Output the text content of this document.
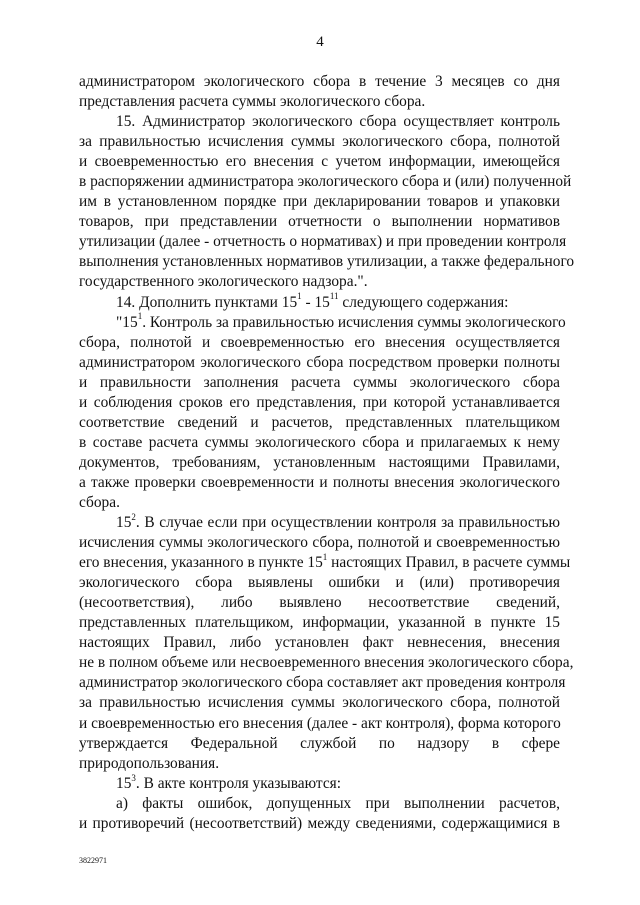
4
администратором экологического сбора в течение 3 месяцев со дня
представления расчета суммы экологического сбора.
15. Администратор экологического сбора осуществляет контроль
за правильностью исчисления суммы экологического сбора, полнотой
и своевременностью его внесения с учетом информации, имеющейся
в распоряжении администратора экологического сбора и (или) полученной
им в установленном порядке при декларировании товаров и упаковки
товаров, при представлении отчетности о выполнении нормативов
утилизации (далее - отчетность о нормативах) и при проведении контроля
выполнения установленных нормативов утилизации, а также федерального
государственного экологического надзора.".
14. Дополнить пунктами $15^1 - 15^{11}$ следующего содержания:
"$15^1$. Контроль за правильностью исчисления суммы экологического
сбора, полнотой и своевременностью его внесения осуществляется
администратором экологического сбора посредством проверки полноты
и правильности заполнения расчета суммы экологического сбора
и соблюдения сроков его представления, при которой устанавливается
соответствие сведений и расчетов, представленных плательщиком
в составе расчета суммы экологического сбора и прилагаемых к нему
документов, требованиям, установленным настоящими Правилами,
а также проверки своевременности и полноты внесения экологического
сбора.
$15^2$. В случае если при осуществлении контроля за правильностью
исчисления суммы экологического сбора, полнотой и своевременностью
его внесения, указанного в пункте $15^1$ настоящих Правил, в расчете суммы
экологического сбора выявлены ошибки и (или) противоречия
(несоответствия), либо выявлено несоответствие сведений,
представленных плательщиком, информации, указанной в пункте 15
настоящих Правил, либо установлен факт невнесения, внесения
не в полном объеме или несвоевременного внесения экологического сбора,
администратор экологического сбора составляет акт проведения контроля
за правильностью исчисления суммы экологического сбора, полнотой
и своевременностью его внесения (далее - акт контроля), форма которого
утверждается Федеральной службой по надзору в сфере
природопользования.
$15^3$. В акте контроля указываются:
а) факты ошибок, допущенных при выполнении расчетов,
и противоречий (несоответствий) между сведениями, содержащимися в
3822971
